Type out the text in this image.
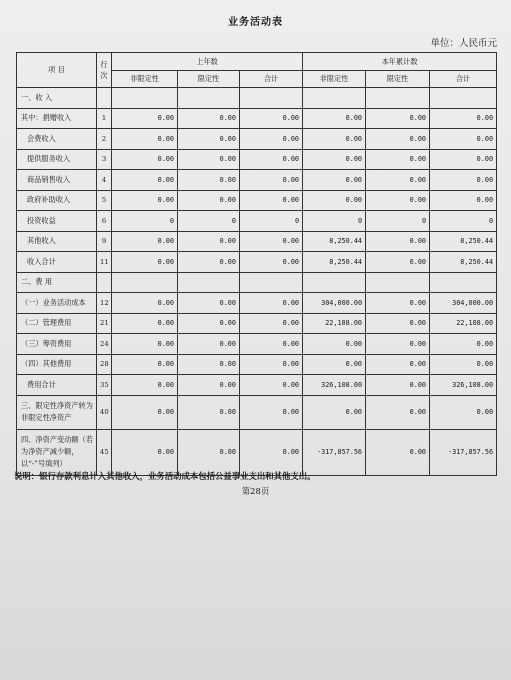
业务活动表
单位：人民币元
项 目	行次	上年数			本年累计数		
		非限定性	限定性	合计	非限定性	限定性	合计
一、收 入							
其中：捐赠收入	1	0.00	0.00	0.00	0.00	0.00	0.00
会费收入	2	0.00	0.00	0.00	0.00	0.00	0.00
提供服务收入	3	0.00	0.00	0.00	0.00	0.00	0.00
商品销售收入	4	0.00	0.00	0.00	0.00	0.00	0.00
政府补助收入	5	0.00	0.00	0.00	0.00	0.00	0.00
投资收益	6	0	0	0	0	0	0
其他收入	9	0.00	0.00	0.00	8,250.44	0.00	8,250.44
收入合计	11	0.00	0.00	0.00	8,250.44	0.00	8,250.44
二、费 用							
（一）业务活动成本	12	0.00	0.00	0.00	304,000.00	0.00	304,000.00
（二）管理费用	21	0.00	0.00	0.00	22,108.00	0.00	22,108.00
（三）筹资费用	24	0.00	0.00	0.00	0.00	0.00	0.00
（四）其他费用	28	0.00	0.00	0.00	0.00	0.00	0.00
费用合计	35	0.00	0.00	0.00	326,108.00	0.00	326,108.00
三、限定性净资产转为非限定性净资产	40	0.00	0.00	0.00	0.00	0.00	0.00
四、净资产变动额（若为净资产减少额，以“-”号填列）	45	0.00	0.00	0.00	-317,857.56	0.00	-317,857.56
说明：银行存款利息计入其他收入，业务活动成本包括公益事业支出和其他支出。
第28页
